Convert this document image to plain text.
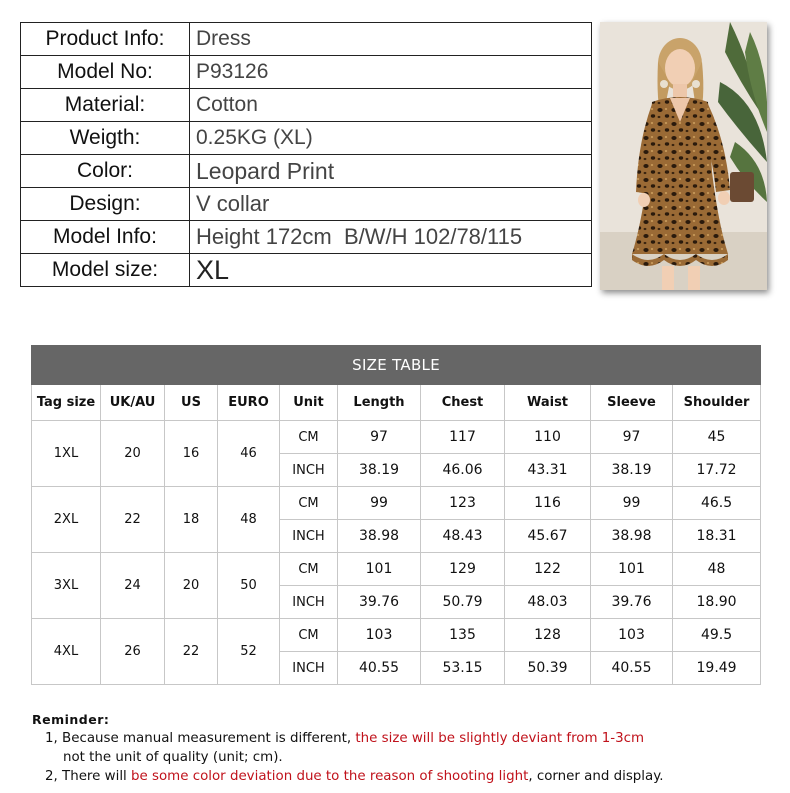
Product Info:	Dress
Model No:	P93126
Material:	Cotton
Weigth:	0.25KG (XL)
Color:	Leopard Print
Design:	V collar
Model Info:	Height 172cm  B/W/H 102/78/115
Model size:	XL
SIZE TABLE									
Tag size	UK/AU	US	EURO	Unit	Length	Chest	Waist	Sleeve	Shoulder
1XL	20	16	46	CM	97	117	110	97	45
				INCH	38.19	46.06	43.31	38.19	17.72
2XL	22	18	48	CM	99	123	116	99	46.5
				INCH	38.98	48.43	45.67	38.98	18.31
3XL	24	20	50	CM	101	129	122	101	48
				INCH	39.76	50.79	48.03	39.76	18.90
4XL	26	22	52	CM	103	135	128	103	49.5
				INCH	40.55	53.15	50.39	40.55	19.49
Reminder:
1, Because manual measurement is different, the size will be slightly deviant from 1-3cm
not the unit of quality (unit; cm).
2, There will be some color deviation due to the reason of shooting light, corner and display.
